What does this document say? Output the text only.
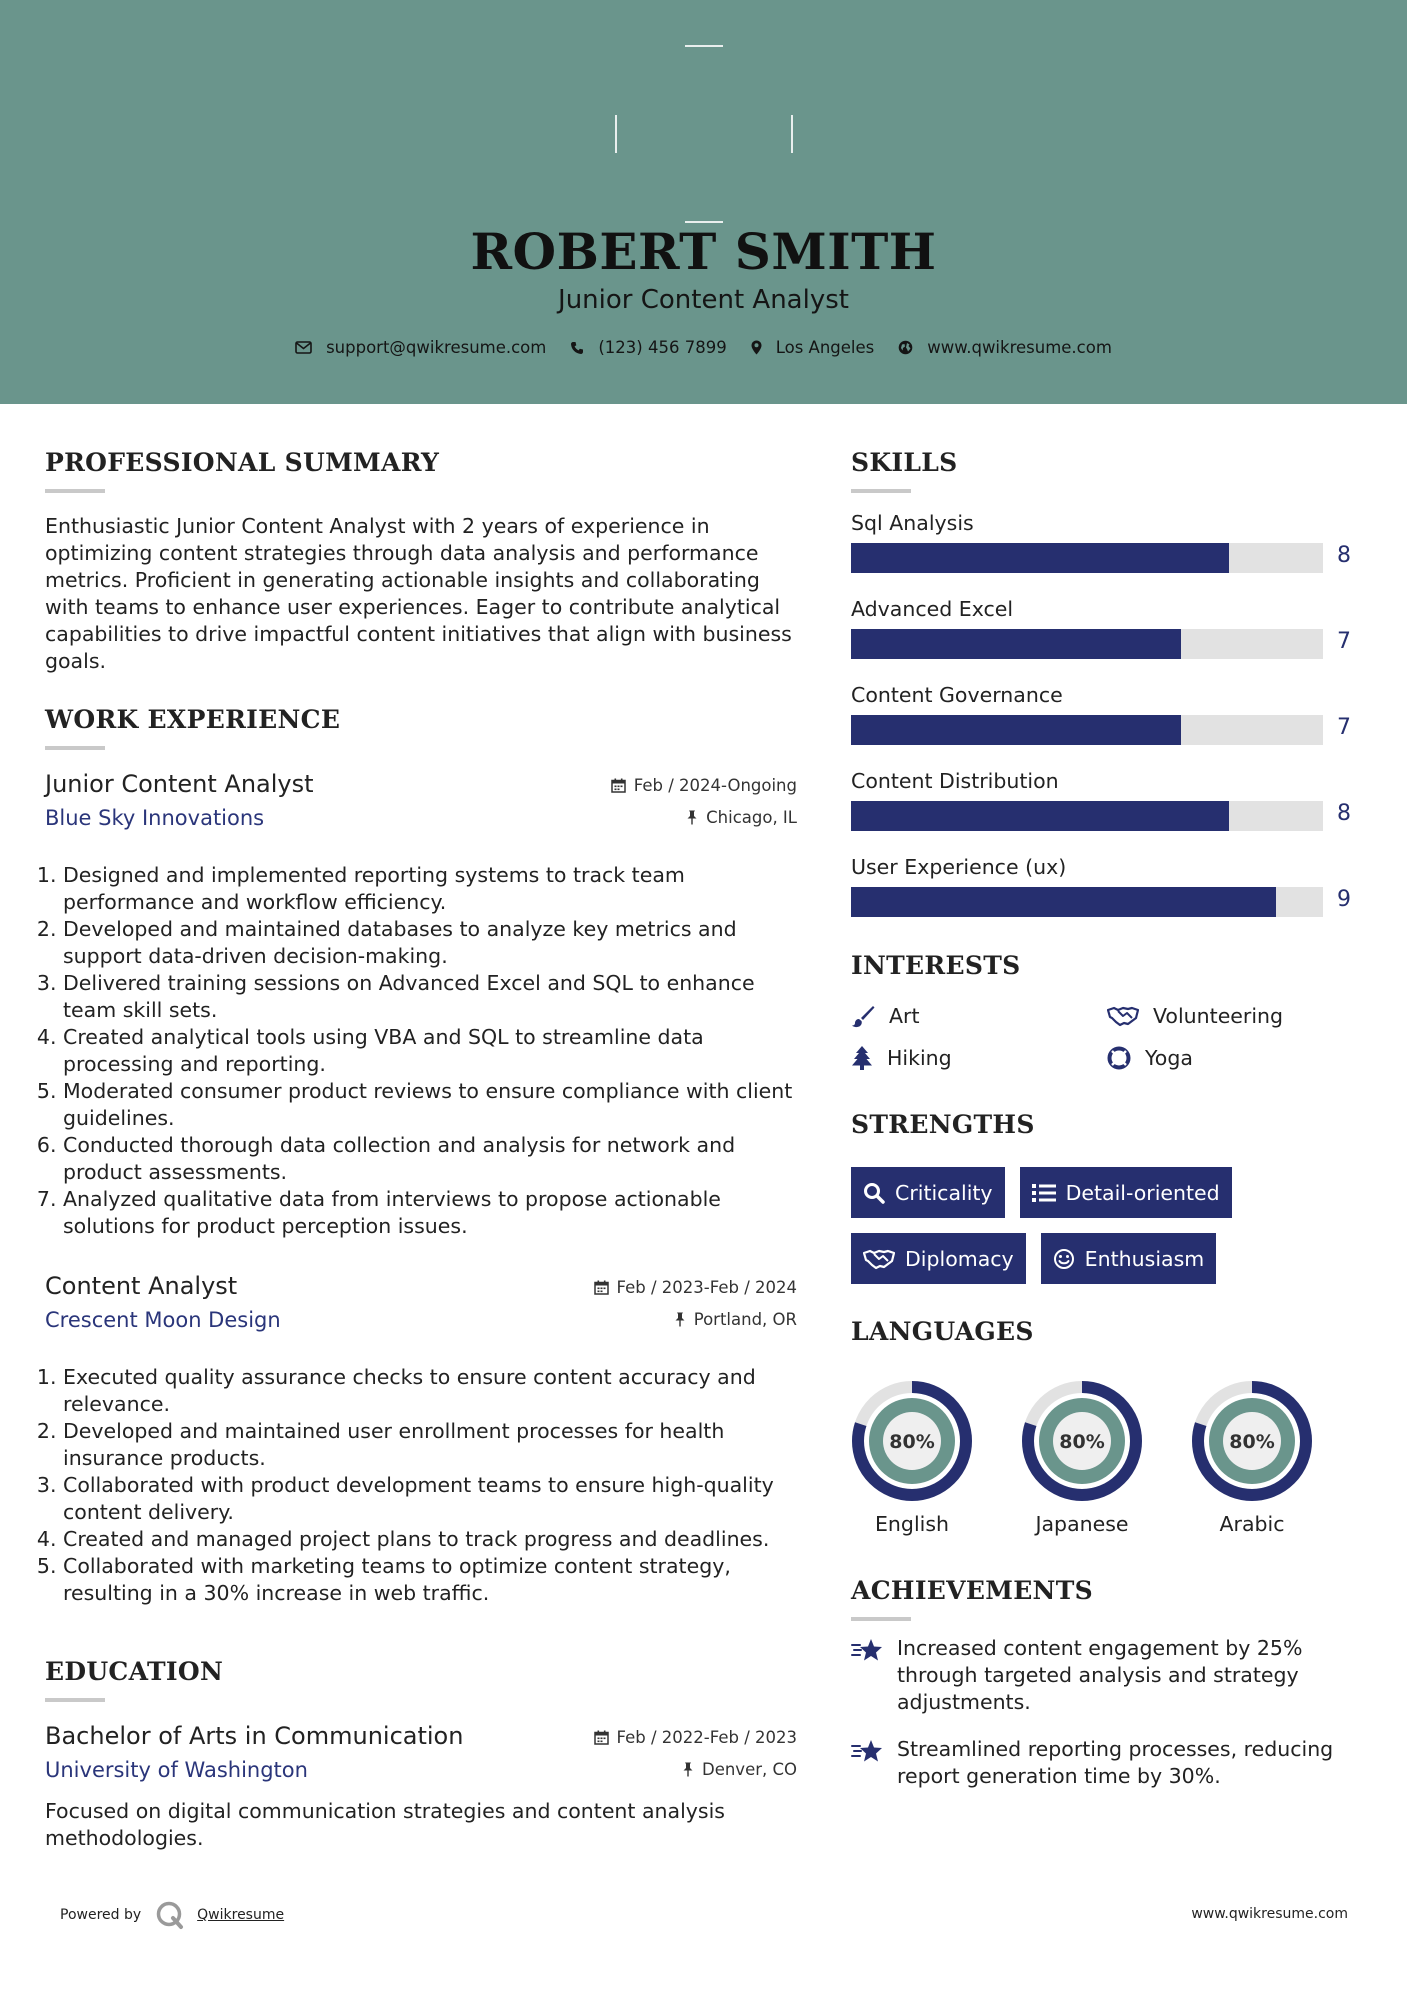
ROBERT SMITH
Junior Content Analyst
support@qwikresume.com	(123) 456 7899	Los Angeles	www.qwikresume.com
PROFESSIONAL SUMMARY
Enthusiastic Junior Content Analyst with 2 years of experience in optimizing content strategies through data analysis and performance metrics. Proficient in generating actionable insights and collaborating with teams to enhance user experiences. Eager to contribute analytical capabilities to drive impactful content initiatives that align with business goals.
WORK EXPERIENCE
Junior Content Analyst
Blue Sky Innovations
Feb / 2024-Ongoing
Chicago, IL
1. Designed and implemented reporting systems to track team performance and workflow efficiency.
2. Developed and maintained databases to analyze key metrics and support data-driven decision-making.
3. Delivered training sessions on Advanced Excel and SQL to enhance team skill sets.
4. Created analytical tools using VBA and SQL to streamline data processing and reporting.
5. Moderated consumer product reviews to ensure compliance with client guidelines.
6. Conducted thorough data collection and analysis for network and product assessments.
7. Analyzed qualitative data from interviews to propose actionable solutions for product perception issues.
Content Analyst
Crescent Moon Design
Feb / 2023-Feb / 2024
Portland, OR
1. Executed quality assurance checks to ensure content accuracy and relevance.
2. Developed and maintained user enrollment processes for health insurance products.
3. Collaborated with product development teams to ensure high-quality content delivery.
4. Created and managed project plans to track progress and deadlines.
5. Collaborated with marketing teams to optimize content strategy, resulting in a 30% increase in web traffic.
EDUCATION
Bachelor of Arts in Communication
University of Washington
Feb / 2022-Feb / 2023
Denver, CO
Focused on digital communication strategies and content analysis methodologies.
SKILLS
Sql Analysis
8
Advanced Excel
7
Content Governance
7
Content Distribution
8
User Experience (ux)
9
INTERESTS
Art	Volunteering
Hiking	Yoga
STRENGTHS
Criticality	Detail-oriented
Diplomacy	Enthusiasm
LANGUAGES
80%
English
80%
Japanese
80%
Arabic
ACHIEVEMENTS
Increased content engagement by 25% through targeted analysis and strategy adjustments.
Streamlined reporting processes, reducing report generation time by 30%.
Powered by	Qwikresume	www.qwikresume.com
